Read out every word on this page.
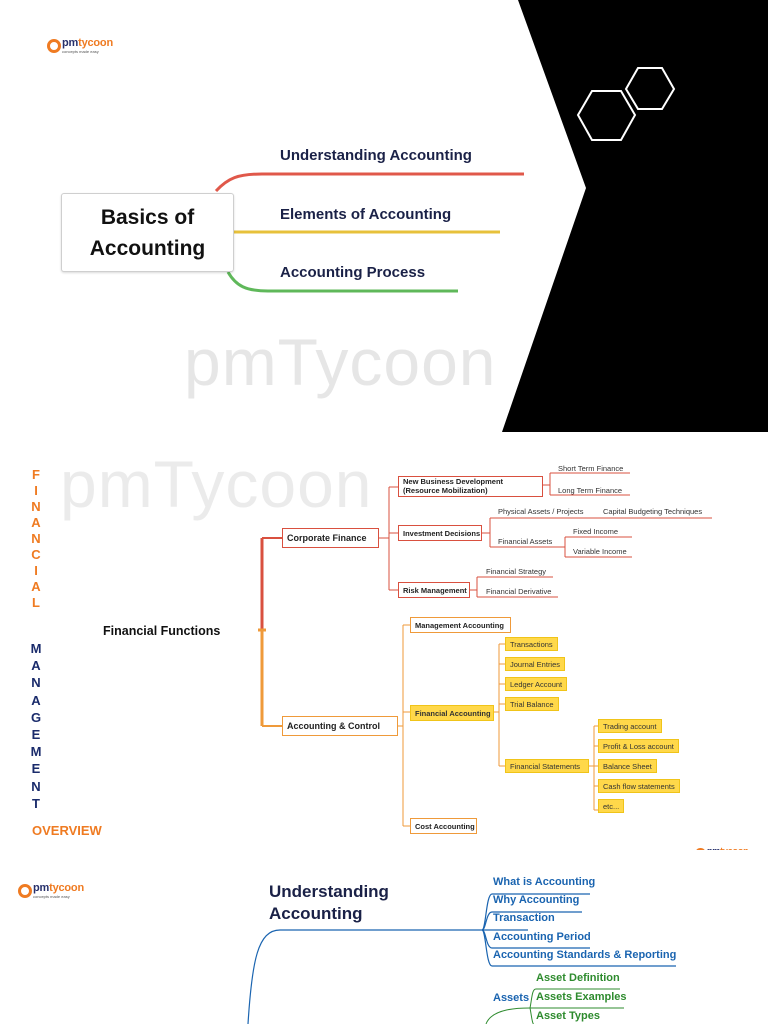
pmtycoon
concepts made easy
pmTycoon
Basics of
Accounting
Understanding Accounting
Elements of Accounting
Accounting Process
pmTycoon
F
I
N
A
N
C
I
A
L
M
A
N
A
G
E
M
E
N
T
OVERVIEW
Financial Functions
Corporate Finance
New Business Development (Resource Mobilization)
Short Term Finance
Long Term Finance
Investment Decisions
Physical Assets / Projects	Capital Budgeting Techniques
Financial Assets
Fixed Income
Variable Income
Risk Management
Financial Strategy
Financial Derivative
Accounting & Control
Management Accounting
Financial Accounting
Transactions
Journal Entries
Ledger Account
Trial Balance
Financial Statements
Trading account
Profit & Loss account
Balance Sheet
Cash flow statements
etc...
Cost Accounting
pmtycoon
concepts made easy	Understanding
Accounting
What is Accounting
Why Accounting
Transaction
Accounting Period
Accounting Standards & Reporting
Assets
Asset Definition
Assets Examples
Asset Types
